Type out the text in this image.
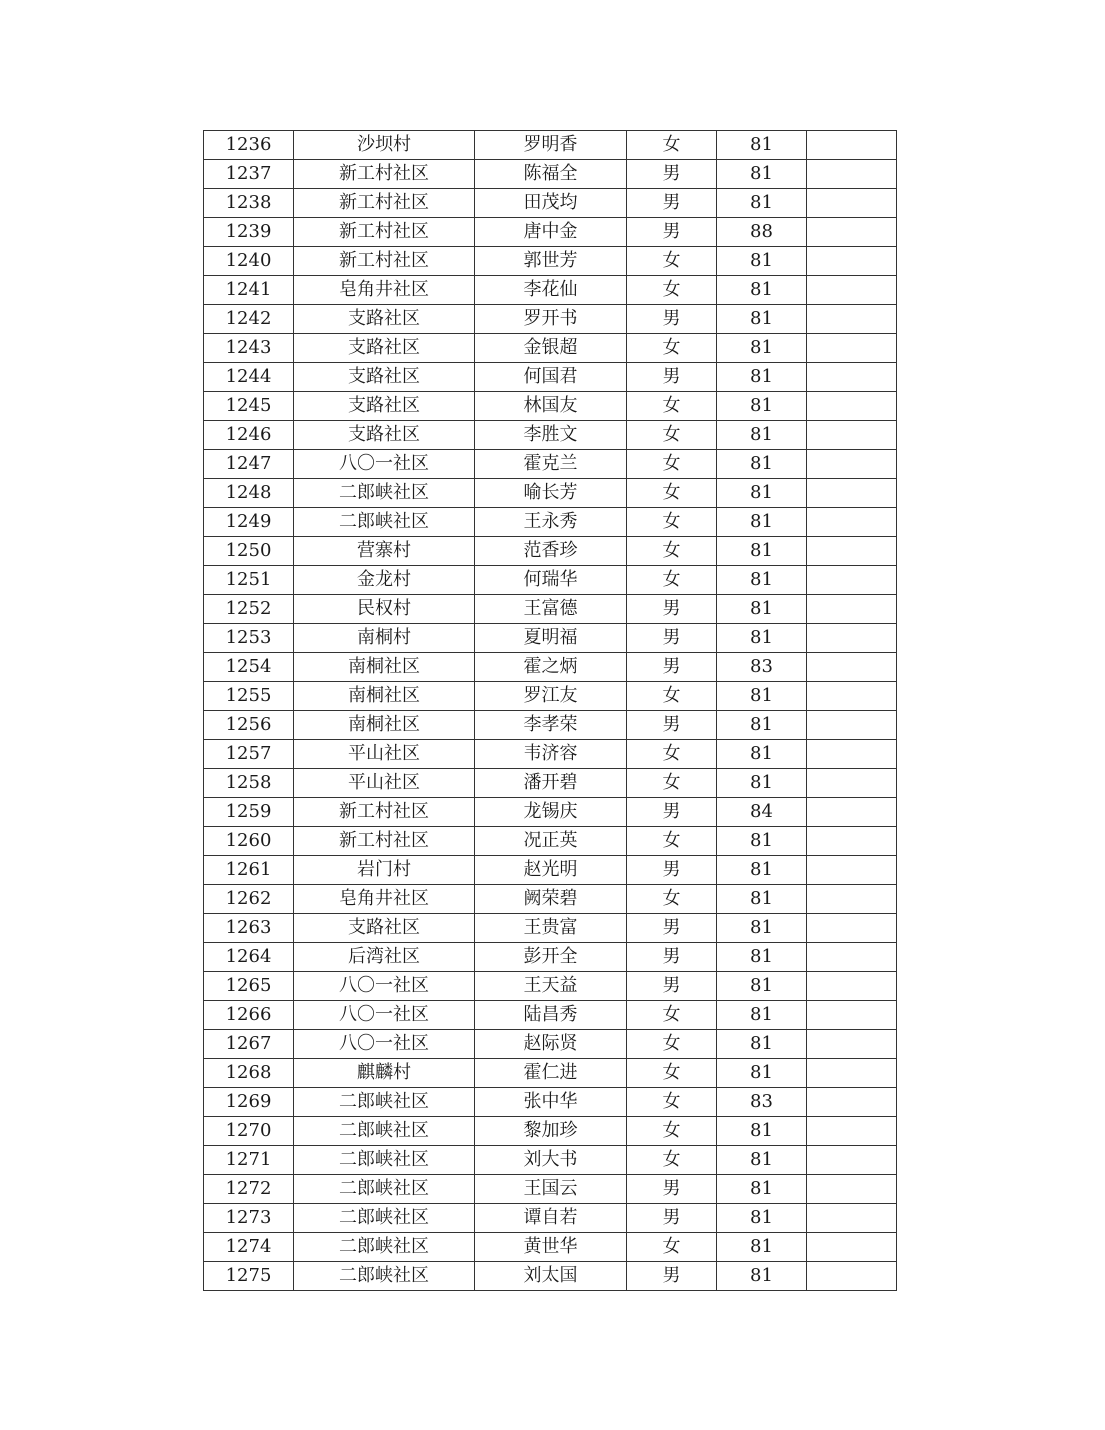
1236	沙坝村	罗明香	女	81	
1237	新工村社区	陈福全	男	81	
1238	新工村社区	田茂均	男	81	
1239	新工村社区	唐中金	男	88	
1240	新工村社区	郭世芳	女	81	
1241	皂角井社区	李花仙	女	81	
1242	支路社区	罗开书	男	81	
1243	支路社区	金银超	女	81	
1244	支路社区	何国君	男	81	
1245	支路社区	林国友	女	81	
1246	支路社区	李胜文	女	81	
1247	八〇一社区	霍克兰	女	81	
1248	二郎峡社区	喻长芳	女	81	
1249	二郎峡社区	王永秀	女	81	
1250	营寨村	范香珍	女	81	
1251	金龙村	何瑞华	女	81	
1252	民权村	王富德	男	81	
1253	南桐村	夏明福	男	81	
1254	南桐社区	霍之炳	男	83	
1255	南桐社区	罗江友	女	81	
1256	南桐社区	李孝荣	男	81	
1257	平山社区	韦济容	女	81	
1258	平山社区	潘开碧	女	81	
1259	新工村社区	龙锡庆	男	84	
1260	新工村社区	况正英	女	81	
1261	岩门村	赵光明	男	81	
1262	皂角井社区	阙荣碧	女	81	
1263	支路社区	王贵富	男	81	
1264	后湾社区	彭开全	男	81	
1265	八〇一社区	王天益	男	81	
1266	八〇一社区	陆昌秀	女	81	
1267	八〇一社区	赵际贤	女	81	
1268	麒麟村	霍仁进	女	81	
1269	二郎峡社区	张中华	女	83	
1270	二郎峡社区	黎加珍	女	81	
1271	二郎峡社区	刘大书	女	81	
1272	二郎峡社区	王国云	男	81	
1273	二郎峡社区	谭自若	男	81	
1274	二郎峡社区	黄世华	女	81	
1275	二郎峡社区	刘太国	男	81	
